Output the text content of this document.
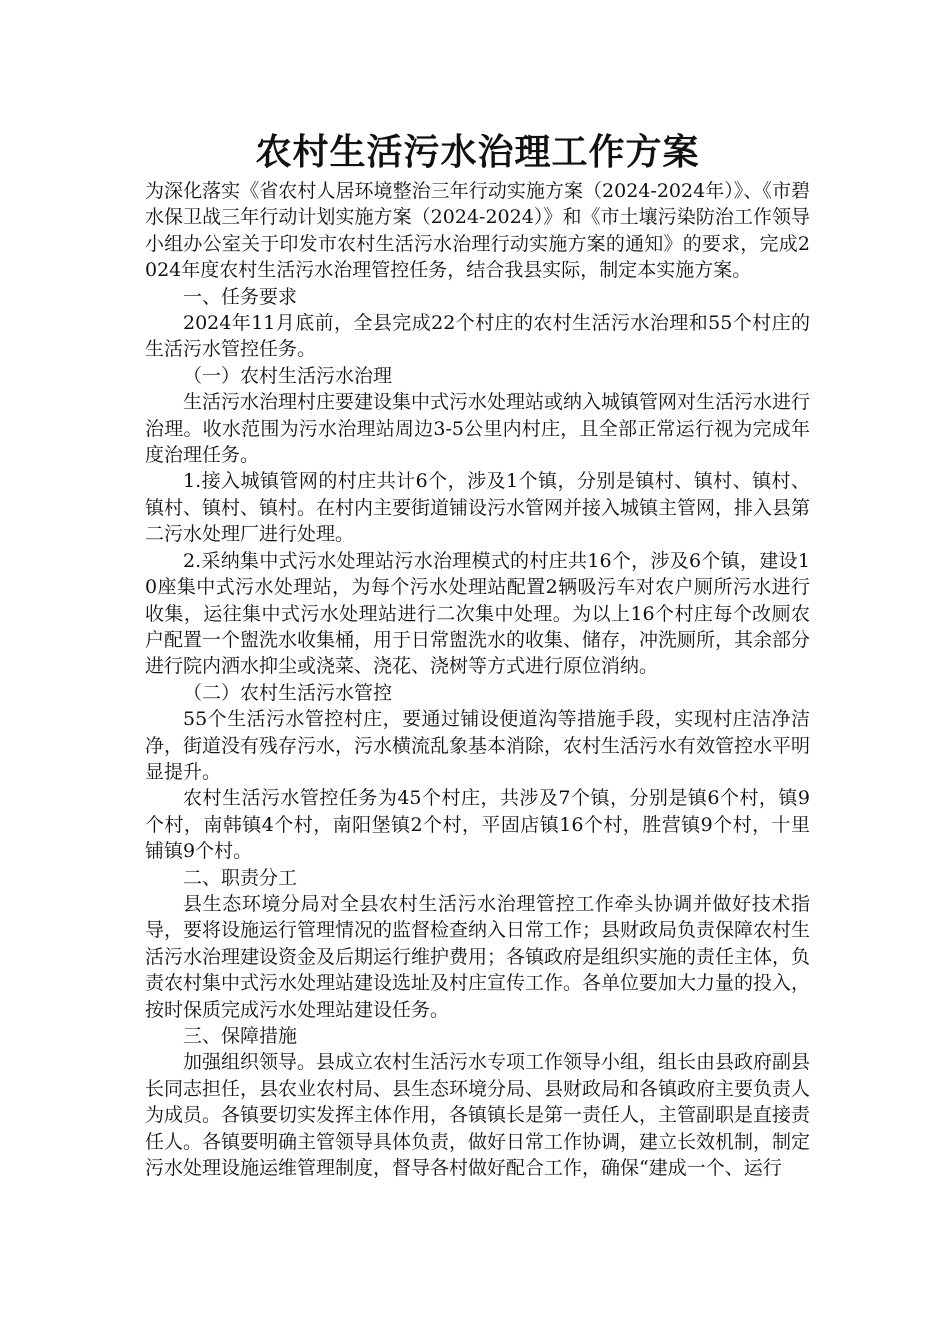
农村生活污水治理工作方案

为深化落实《省农村人居环境整治三年行动实施方案（2024-2024年）》、《市碧水保卫战三年行动计划实施方案（2024-2024）》和《市土壤污染防治工作领导小组办公室关于印发市农村生活污水治理行动实施方案的通知》的要求，完成2024年度农村生活污水治理管控任务，结合我县实际，制定本实施方案。

一、任务要求

2024年11月底前，全县完成22个村庄的农村生活污水治理和55个村庄的生活污水管控任务。

（一）农村生活污水治理

生活污水治理村庄要建设集中式污水处理站或纳入城镇管网对生活污水进行治理。收水范围为污水治理站周边3-5公里内村庄，且全部正常运行视为完成年度治理任务。

1.接入城镇管网的村庄共计6个，涉及1个镇，分别是镇村、镇村、镇村、镇村、镇村、镇村。在村内主要街道铺设污水管网并接入城镇主管网，排入县第二污水处理厂进行处理。

2.采纳集中式污水处理站污水治理模式的村庄共16个，涉及6个镇，建设10座集中式污水处理站，为每个污水处理站配置2辆吸污车对农户厕所污水进行收集，运往集中式污水处理站进行二次集中处理。为以上16个村庄每个改厕农户配置一个盥洗水收集桶，用于日常盥洗水的收集、储存，冲洗厕所，其余部分进行院内洒水抑尘或浇菜、浇花、浇树等方式进行原位消纳。

（二）农村生活污水管控

55个生活污水管控村庄，要通过铺设便道沟等措施手段，实现村庄洁净洁净，街道没有残存污水，污水横流乱象基本消除，农村生活污水有效管控水平明显提升。

农村生活污水管控任务为45个村庄，共涉及7个镇，分别是镇6个村，镇9个村，南韩镇4个村，南阳堡镇2个村，平固店镇16个村，胜营镇9个村，十里铺镇9个村。

二、职责分工

县生态环境分局对全县农村生活污水治理管控工作牵头协调并做好技术指导，要将设施运行管理情况的监督检查纳入日常工作；县财政局负责保障农村生活污水治理建设资金及后期运行维护费用；各镇政府是组织实施的责任主体，负责农村集中式污水处理站建设选址及村庄宣传工作。各单位要加大力量的投入，按时保质完成污水处理站建设任务。

三、保障措施

加强组织领导。县成立农村生活污水专项工作领导小组，组长由县政府副县长同志担任，县农业农村局、县生态环境分局、县财政局和各镇政府主要负责人为成员。各镇要切实发挥主体作用，各镇镇长是第一责任人，主管副职是直接责任人。各镇要明确主管领导具体负责，做好日常工作协调，建立长效机制，制定污水处理设施运维管理制度，督导各村做好配合工作，确保“建成一个、运行
